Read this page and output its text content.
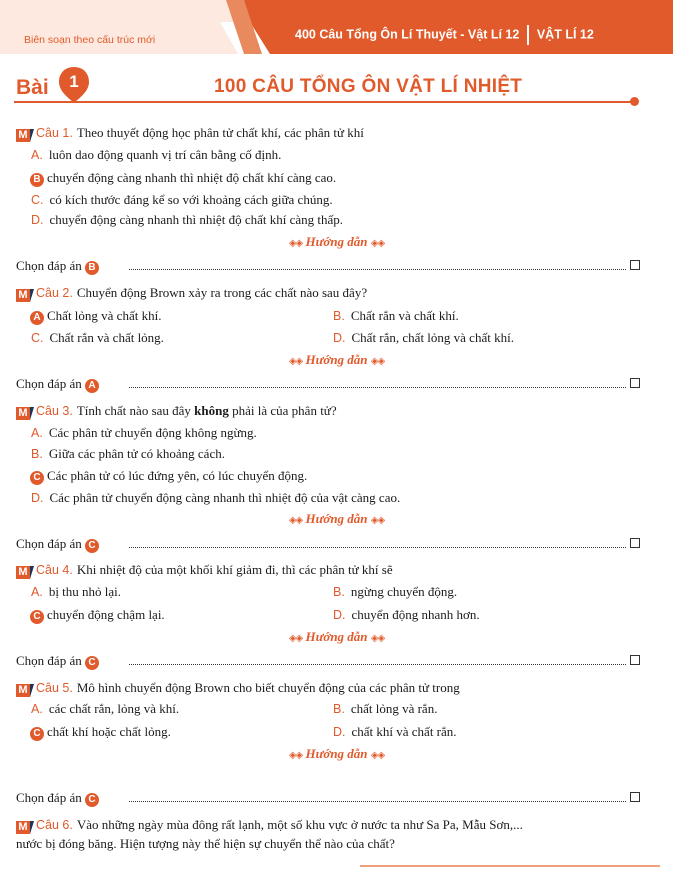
Biên soạn theo cấu trúc mới	400 Câu Tổng Ôn Lí Thuyết - Vật Lí 12 VẬT LÍ 12
Bài	1	100 CÂU TỔNG ÔN VẬT LÍ NHIỆT
M Câu 1. Theo thuyết động học phân tử chất khí, các phân tử khí
A. luôn dao động quanh vị trí cân bằng cố định.
B chuyển động càng nhanh thì nhiệt độ chất khí càng cao.
C. có kích thước đáng kể so với khoảng cách giữa chúng.
D. chuyển động càng nhanh thì nhiệt độ chất khí càng thấp.
◈◈ Hướng dẫn ◈◈
Chọn đáp án B
M Câu 2. Chuyển động Brown xảy ra trong các chất nào sau đây?
A Chất lỏng và chất khí.	B. Chất rắn và chất khí.
C. Chất rắn và chất lỏng.	D. Chất rắn, chất lỏng và chất khí.
◈◈ Hướng dẫn ◈◈
Chọn đáp án A
M Câu 3. Tính chất nào sau đây không phải là của phân tử?
A. Các phân tử chuyển động không ngừng.
B. Giữa các phân tử có khoảng cách.
C Các phân tử có lúc đứng yên, có lúc chuyển động.
D. Các phân tử chuyển động càng nhanh thì nhiệt độ của vật càng cao.
◈◈ Hướng dẫn ◈◈
Chọn đáp án C
M Câu 4. Khi nhiệt độ của một khối khí giảm đi, thì các phân tử khí sẽ
A. bị thu nhỏ lại.	B. ngừng chuyển động.
C chuyển động chậm lại.	D. chuyển động nhanh hơn.
◈◈ Hướng dẫn ◈◈
Chọn đáp án C
M Câu 5. Mô hình chuyển động Brown cho biết chuyển động của các phân tử trong
A. các chất rắn, lỏng và khí.	B. chất lỏng và rắn.
C chất khí hoặc chất lỏng.	D. chất khí và chất rắn.
◈◈ Hướng dẫn ◈◈
Chọn đáp án C
M Câu 6. Vào những ngày mùa đông rất lạnh, một số khu vực ở nước ta như Sa Pa, Mẫu Sơn,...
nước bị đóng băng. Hiện tượng này thể hiện sự chuyển thể nào của chất?
